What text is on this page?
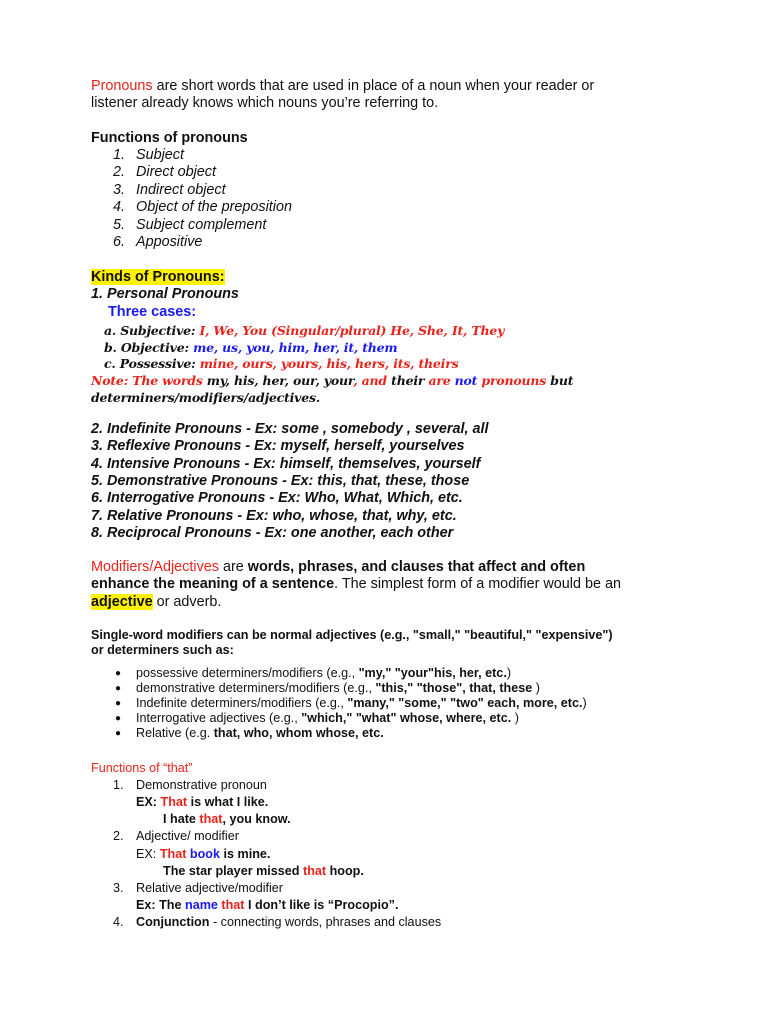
Pronouns are short words that are used in place of a noun when your reader or
listener already knows which nouns you’re referring to.
Functions of pronouns
1. Subject
2. Direct object
3. Indirect object
4. Object of the preposition
5. Subject complement
6. Appositive
Kinds of Pronouns:
1. Personal Pronouns
Three cases:
a. Subjective: I, We, You (Singular/plural) He, She, It, They
b. Objective: me, us, you, him, her, it, them
c. Possessive: mine, ours, yours, his, hers, its, theirs
Note: The words my, his, her, our, your, and their are not pronouns but
determiners/modifiers/adjectives.
2. Indefinite Pronouns - Ex: some , somebody , several, all
3. Reflexive Pronouns - Ex: myself, herself, yourselves
4. Intensive Pronouns - Ex: himself, themselves, yourself
5. Demonstrative Pronouns - Ex: this, that, these, those
6. Interrogative Pronouns - Ex: Who, What, Which, etc.
7. Relative Pronouns - Ex: who, whose, that, why, etc.
8. Reciprocal Pronouns - Ex: one another, each other
Modifiers/Adjectives are words, phrases, and clauses that affect and often
enhance the meaning of a sentence. The simplest form of a modifier would be an
adjective or adverb.
Single-word modifiers can be normal adjectives (e.g., "small," "beautiful," "expensive")
or determiners such as:
● possessive determiners/modifiers (e.g., "my," "your"his, her, etc.)
● demonstrative determiners/modifiers (e.g., "this," "those", that, these )
● Indefinite determiners/modifiers (e.g., "many," "some," "two" each, more, etc.)
● Interrogative adjectives (e.g., "which," "what" whose, where, etc. )
● Relative (e.g. that, who, whom whose, etc.
Functions of “that”
1. Demonstrative pronoun
EX: That is what I like.
I hate that, you know.
2. Adjective/ modifier
EX: That book is mine.
The star player missed that hoop.
3. Relative adjective/modifier
Ex: The name that I don’t like is “Procopio”.
4. Conjunction - connecting words, phrases and clauses
